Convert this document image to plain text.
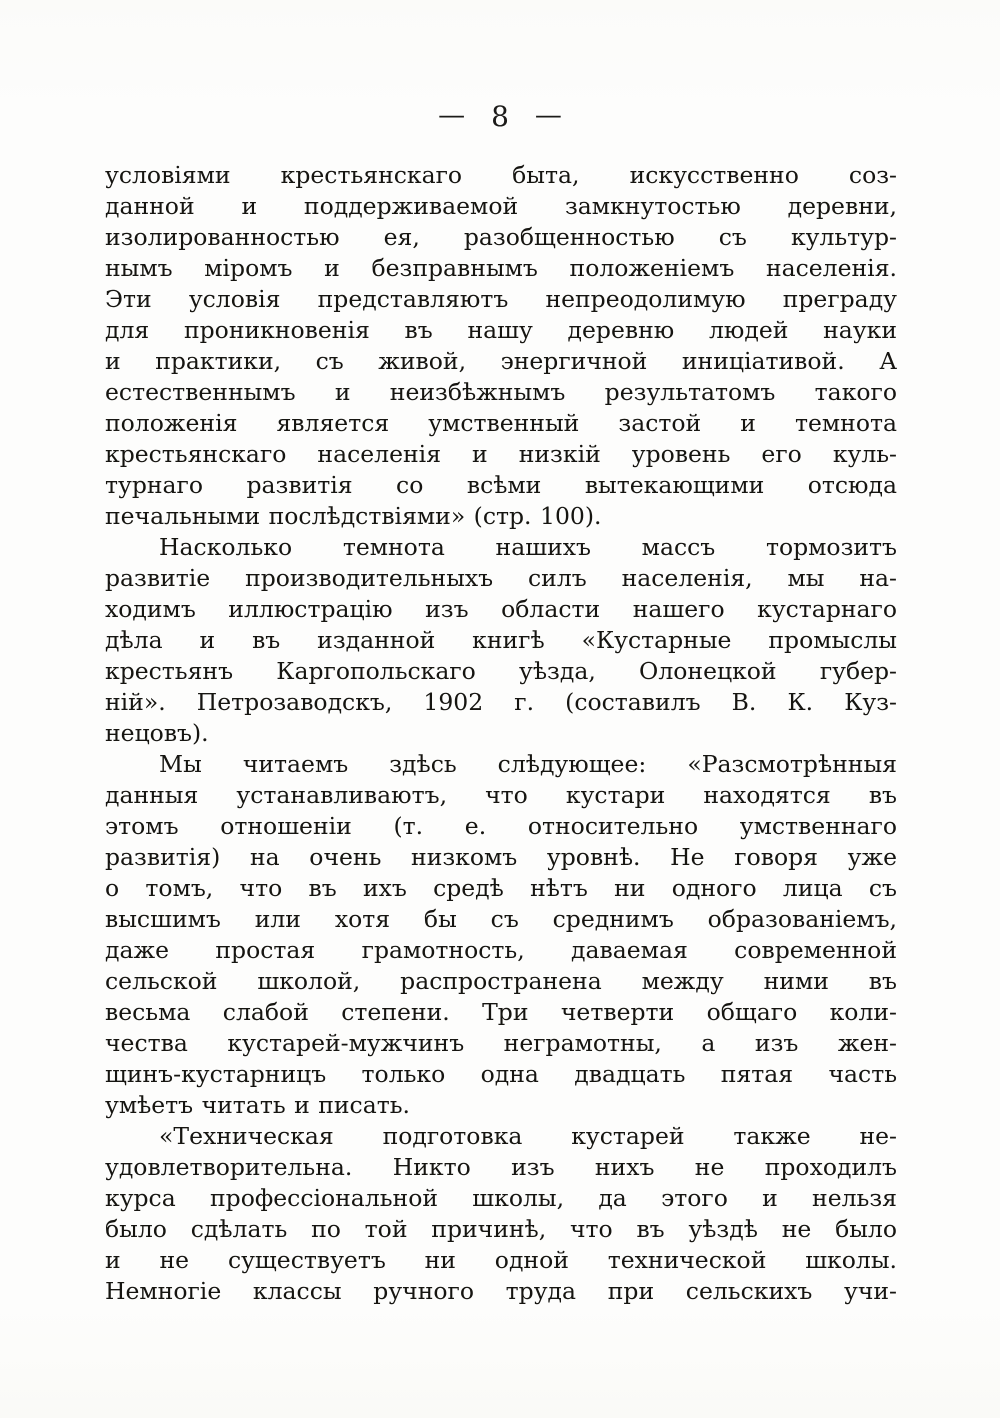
— 8 —
условіями крестьянскаго быта, искусственно соз-
данной и поддерживаемой замкнутостью деревни,
изолированностью ея, разобщенностью съ культур-
нымъ міромъ и безправнымъ положеніемъ населенія.
Эти условія представляютъ непреодолимую преграду
для проникновенія въ нашу деревню людей науки
и практики, съ живой, энергичной иниціативой. А
естественнымъ и неизбѣжнымъ результатомъ такого
положенія является умственный застой и темнота
крестьянскаго населенія и низкій уровень его куль-
турнаго развитія со всѣми вытекающими отсюда
печальными послѣдствіями» (стр. 100).
Насколько темнота нашихъ массъ тормозитъ
развитіе производительныхъ силъ населенія, мы на-
ходимъ иллюстрацію изъ области нашего кустарнаго
дѣла и въ изданной книгѣ «Кустарные промыслы
крестьянъ Каргопольскаго уѣзда, Олонецкой губер-
ній». Петрозаводскъ, 1902 г. (составилъ В. К. Куз-
нецовъ).
Мы читаемъ здѣсь слѣдующее: «Разсмотрѣнныя
данныя устанавливаютъ, что кустари находятся въ
этомъ отношеніи (т. е. относительно умственнаго
развитія) на очень низкомъ уровнѣ. Не говоря уже
о томъ, что въ ихъ средѣ нѣтъ ни одного лица съ
высшимъ или хотя бы съ среднимъ образованіемъ,
даже простая грамотность, даваемая современной
сельской школой, распространена между ними въ
весьма слабой степени. Три четверти общаго коли-
чества кустарей-мужчинъ неграмотны, а изъ жен-
щинъ-кустарницъ только одна двадцать пятая часть
умѣетъ читать и писать.
«Техническая подготовка кустарей также не-
удовлетворительна. Никто изъ нихъ не проходилъ
курса профессіональной школы, да этого и нельзя
было сдѣлать по той причинѣ, что въ уѣздѣ не было
и не существуетъ ни одной технической школы.
Немногіе классы ручного труда при сельскихъ учи-
